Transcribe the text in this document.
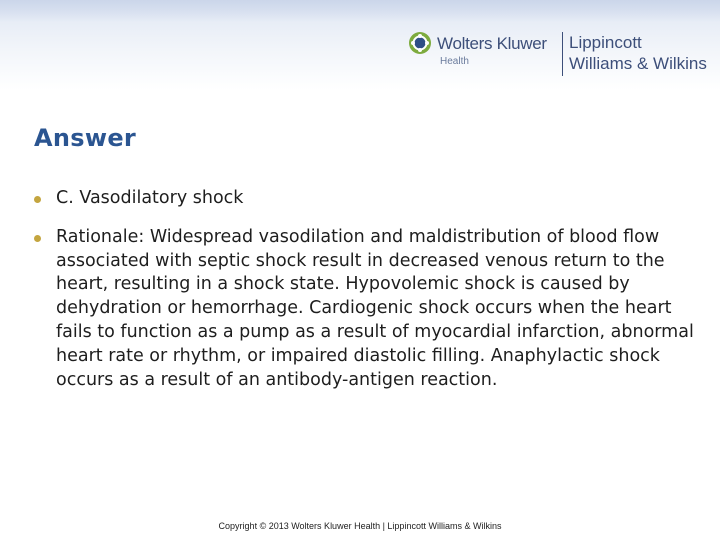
Wolters Kluwer
Health
Lippincott
Williams & Wilkins
Answer
C. Vasodilatory shock
Rationale: Widespread vasodilation and maldistribution of blood flow associated with septic shock result in decreased venous return to the heart, resulting in a shock state. Hypovolemic shock is caused by dehydration or hemorrhage. Cardiogenic shock occurs when the heart fails to function as a pump as a result of myocardial infarction, abnormal heart rate or rhythm, or impaired diastolic filling. Anaphylactic shock occurs as a result of an antibody-antigen reaction.
Copyright © 2013 Wolters Kluwer Health | Lippincott Williams & Wilkins
